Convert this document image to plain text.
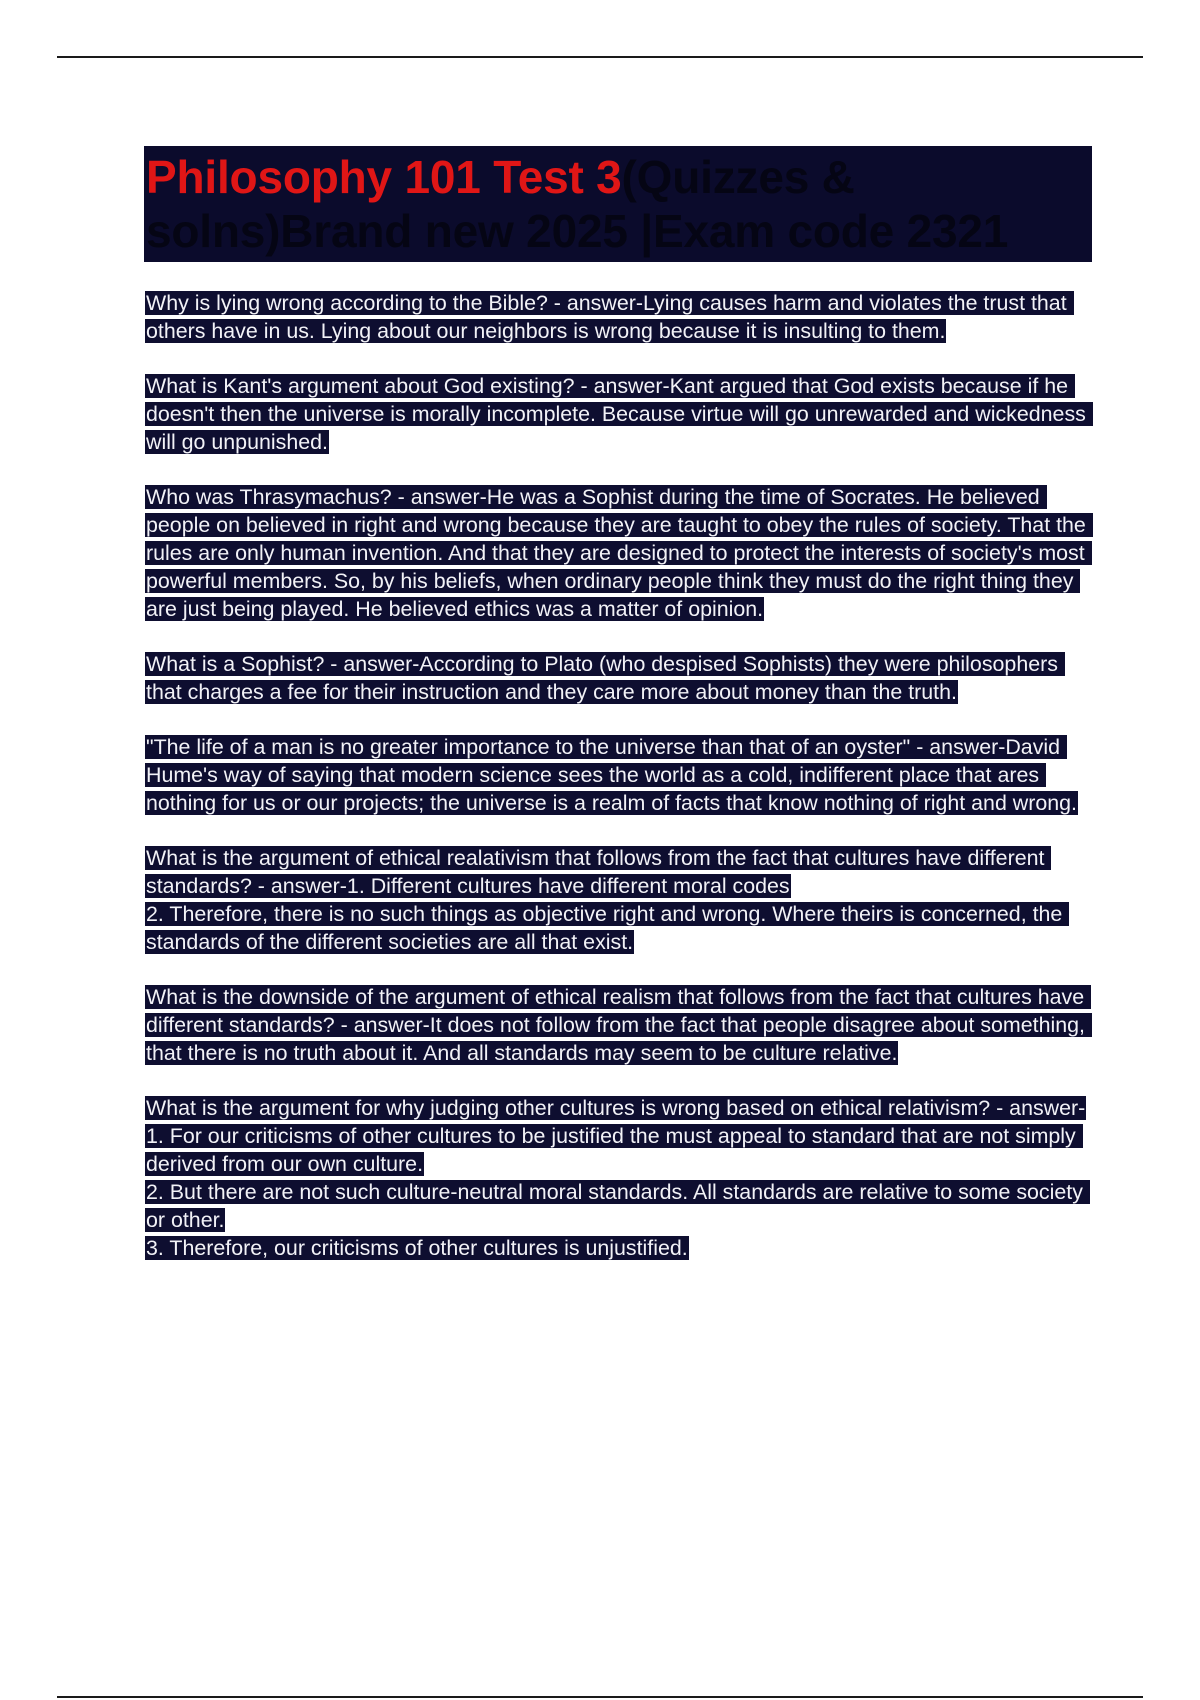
Philosophy 101 Test 3(Quizzes & solns)Brand new 2025 |Exam code 2321
Why is lying wrong according to the Bible? - answer-Lying causes harm and violates the trust that others have in us. Lying about our neighbors is wrong because it is insulting to them.
What is Kant's argument about God existing? - answer-Kant argued that God exists because if he doesn't then the universe is morally incomplete. Because virtue will go unrewarded and wickedness will go unpunished.
Who was Thrasymachus? - answer-He was a Sophist during the time of Socrates. He believed people on believed in right and wrong because they are taught to obey the rules of society. That the rules are only human invention. And that they are designed to protect the interests of society's most powerful members. So, by his beliefs, when ordinary people think they must do the right thing they are just being played. He believed ethics was a matter of opinion.
What is a Sophist? - answer-According to Plato (who despised Sophists) they were philosophers that charges a fee for their instruction and they care more about money than the truth.
"The life of a man is no greater importance to the universe than that of an oyster" - answer-David Hume's way of saying that modern science sees the world as a cold, indifferent place that ares nothing for us or our projects; the universe is a realm of facts that know nothing of right and wrong.
What is the argument of ethical realativism that follows from the fact that cultures have different standards? - answer-1. Different cultures have different moral codes
2. Therefore, there is no such things as objective right and wrong. Where theirs is concerned, the standards of the different societies are all that exist.
What is the downside of the argument of ethical realism that follows from the fact that cultures have different standards? - answer-It does not follow from the fact that people disagree about something, that there is no truth about it. And all standards may seem to be culture relative.
What is the argument for why judging other cultures is wrong based on ethical relativism? - answer-1. For our criticisms of other cultures to be justified the must appeal to standard that are not simply derived from our own culture.
2. But there are not such culture-neutral moral standards. All standards are relative to some society or other.
3. Therefore, our criticisms of other cultures is unjustified.
